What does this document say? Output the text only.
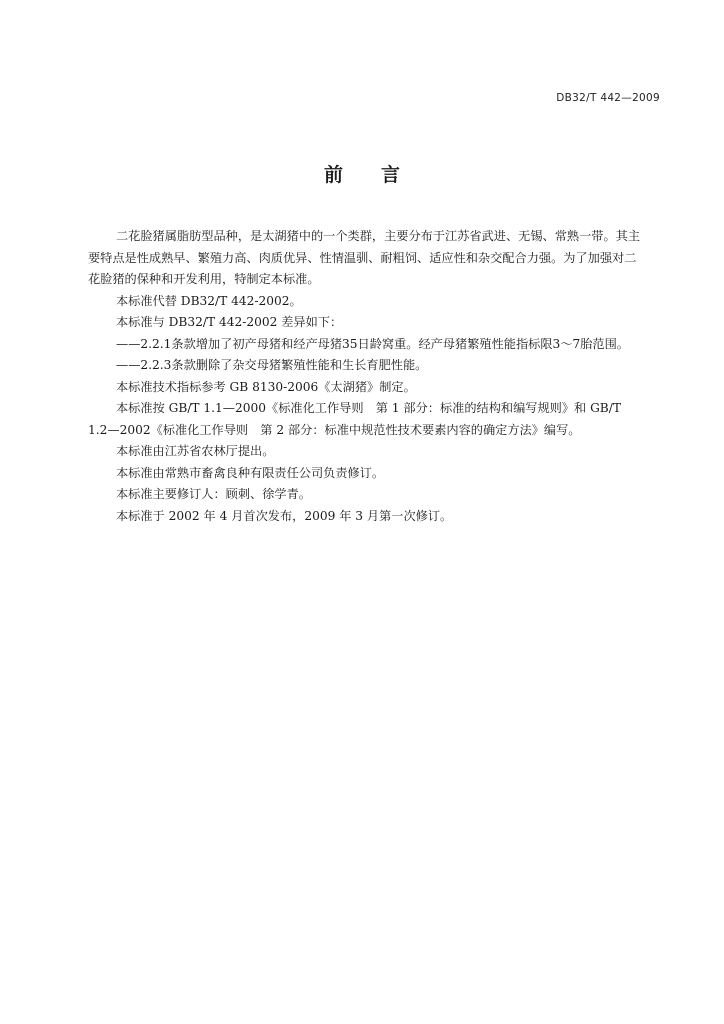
DB32/T 442—2009
前言

二花脸猪属脂肪型品种，是太湖猪中的一个类群，主要分布于江苏省武进、无锡、常熟一带。其主
要特点是性成熟早、繁殖力高、肉质优异、性情温驯、耐粗饲、适应性和杂交配合力强。为了加强对二
花脸猪的保种和开发利用，特制定本标准。

本标准代替 DB32/T 442-2002。

本标准与 DB32/T 442-2002 差异如下：

——2.2.1条款增加了初产母猪和经产母猪35日龄窝重。经产母猪繁殖性能指标限3～7胎范围。

——2.2.3条款删除了杂交母猪繁殖性能和生长育肥性能。

本标准技术指标参考 GB 8130-2006《太湖猪》制定。

本标准按 GB/T 1.1—2000《标准化工作导则　第 1 部分：标准的结构和编写规则》和 GB/T
1.2—2002《标准化工作导则　第 2 部分：标准中规范性技术要素内容的确定方法》编写。

本标准由江苏省农林厅提出。

本标准由常熟市畜禽良种有限责任公司负责修订。

本标准主要修订人：顾刺、徐学青。

本标准于 2002 年 4 月首次发布，2009 年 3 月第一次修订。
